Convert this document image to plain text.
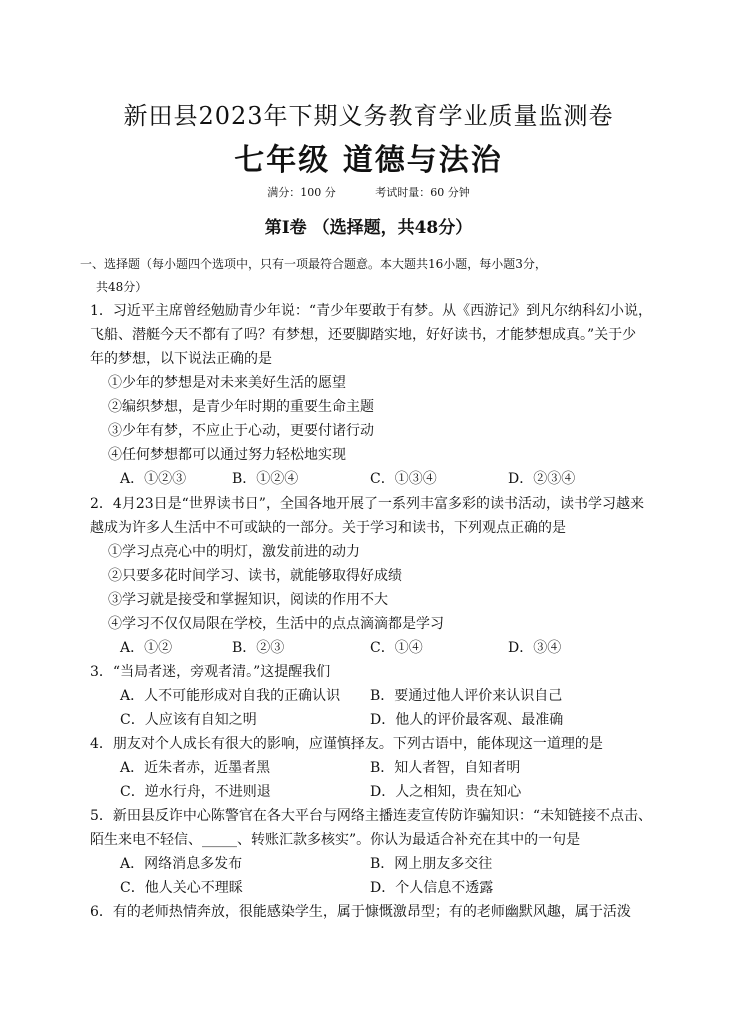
新田县2023年下期义务教育学业质量监测卷
七年级 道德与法治
满分：100 分	考试时量：60 分钟
第Ⅰ卷 （选择题，共48分）
一、选择题（每小题四个选项中，只有一项最符合题意。本大题共16小题，每小题3分，
共48分）
1．习近平主席曾经勉励青少年说：“青少年要敢于有梦。从《西游记》到凡尔纳科幻小说，
飞船、潜艇今天不都有了吗？有梦想，还要脚踏实地，好好读书，才能梦想成真。”关于少
年的梦想，以下说法正确的是
①少年的梦想是对未来美好生活的愿望
②编织梦想，是青少年时期的重要生命主题
③少年有梦，不应止于心动，更要付诸行动
④任何梦想都可以通过努力轻松地实现
A．①②③	B．①②④	C．①③④	D．②③④
2．4月23日是“世界读书日”，全国各地开展了一系列丰富多彩的读书活动，读书学习越来
越成为许多人生活中不可或缺的一部分。关于学习和读书，下列观点正确的是
①学习点亮心中的明灯，激发前进的动力
②只要多花时间学习、读书，就能够取得好成绩
③学习就是接受和掌握知识，阅读的作用不大
④学习不仅仅局限在学校，生活中的点点滴滴都是学习
A．①②	B．②③	C．①④	D．③④
3．“当局者迷，旁观者清。”这提醒我们
A．人不可能形成对自我的正确认识 B．要通过他人评价来认识自己
C．人应该有自知之明	D．他人的评价最客观、最准确
4．朋友对个人成长有很大的影响，应谨慎择友。下列古语中，能体现这一道理的是
A．近朱者赤，近墨者黑	B．知人者智，自知者明
C．逆水行舟，不进则退	D．人之相知，贵在知心
5．新田县反诈中心陈警官在各大平台与网络主播连麦宣传防诈骗知识：“未知链接不点击、
陌生来电不轻信、_____、转账汇款多核实”。你认为最适合补充在其中的一句是
A．网络消息多发布	B．网上朋友多交往
C．他人关心不理睬	D．个人信息不透露
6．有的老师热情奔放，很能感染学生，属于慷慨激昂型；有的老师幽默风趣，属于活泼
